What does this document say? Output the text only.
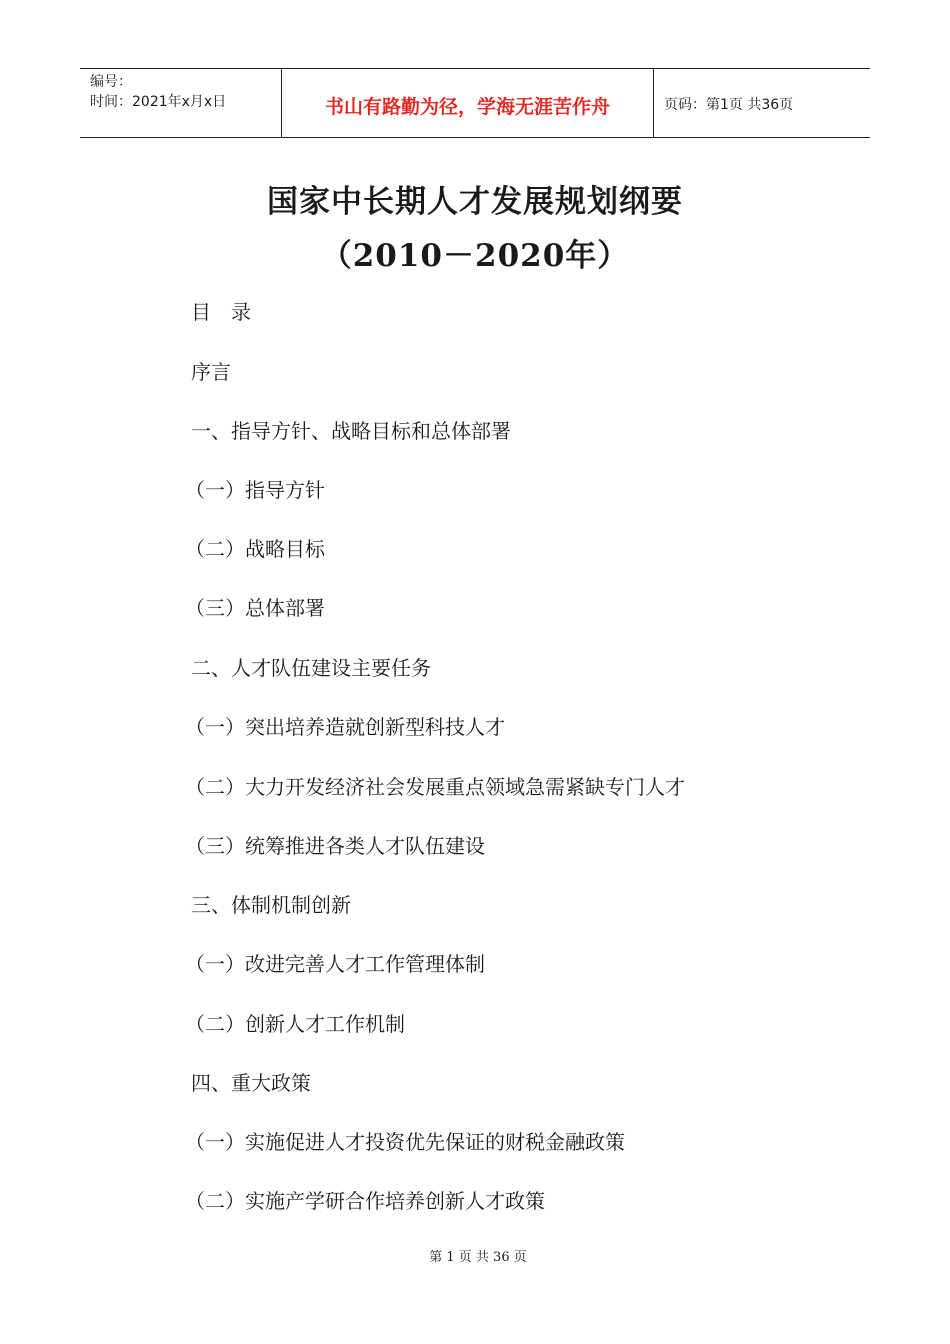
编号：
时间：2021年x月x日	书山有路勤为径，学海无涯苦作舟	页码：第1页 共36页
国家中长期人才发展规划纲要
（2010－2020年）
目　录
序言
一、指导方针、战略目标和总体部署
（一）指导方针
（二）战略目标
（三）总体部署
二、人才队伍建设主要任务
（一）突出培养造就创新型科技人才
（二）大力开发经济社会发展重点领域急需紧缺专门人才
（三）统筹推进各类人才队伍建设
三、体制机制创新
（一）改进完善人才工作管理体制
（二）创新人才工作机制
四、重大政策
（一）实施促进人才投资优先保证的财税金融政策
（二）实施产学研合作培养创新人才政策
第 1 页 共 36 页
